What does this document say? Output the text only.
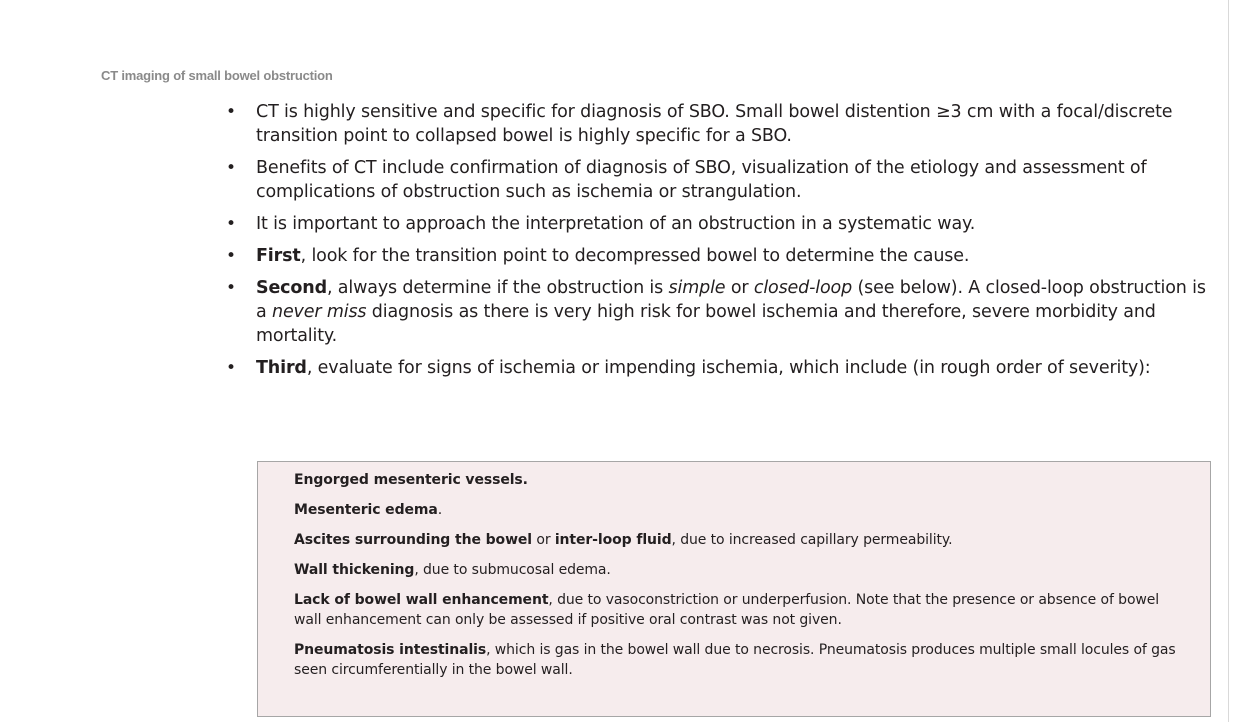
CT imaging of small bowel obstruction
• CT is highly sensitive and specific for diagnosis of SBO. Small bowel distention ≥3 cm with a focal/discrete transition point to collapsed bowel is highly specific for a SBO.
• Benefits of CT include confirmation of diagnosis of SBO, visualization of the etiology and assessment of complications of obstruction such as ischemia or strangulation.
• It is important to approach the interpretation of an obstruction in a systematic way.
• First, look for the transition point to decompressed bowel to determine the cause.
• Second, always determine if the obstruction is simple or closed-loop (see below). A closed-loop obstruction is a never miss diagnosis as there is very high risk for bowel ischemia and therefore, severe morbidity and mortality.
• Third, evaluate for signs of ischemia or impending ischemia, which include (in rough order of severity):

Engorged mesenteric vessels.

Mesenteric edema.

Ascites surrounding the bowel or inter-loop fluid, due to increased capillary permeability.

Wall thickening, due to submucosal edema.

Lack of bowel wall enhancement, due to vasoconstriction or underperfusion. Note that the presence or absence of bowel wall enhancement can only be assessed if positive oral contrast was not given.

Pneumatosis intestinalis, which is gas in the bowel wall due to necrosis. Pneumatosis produces multiple small locules of gas seen circumferentially in the bowel wall.
